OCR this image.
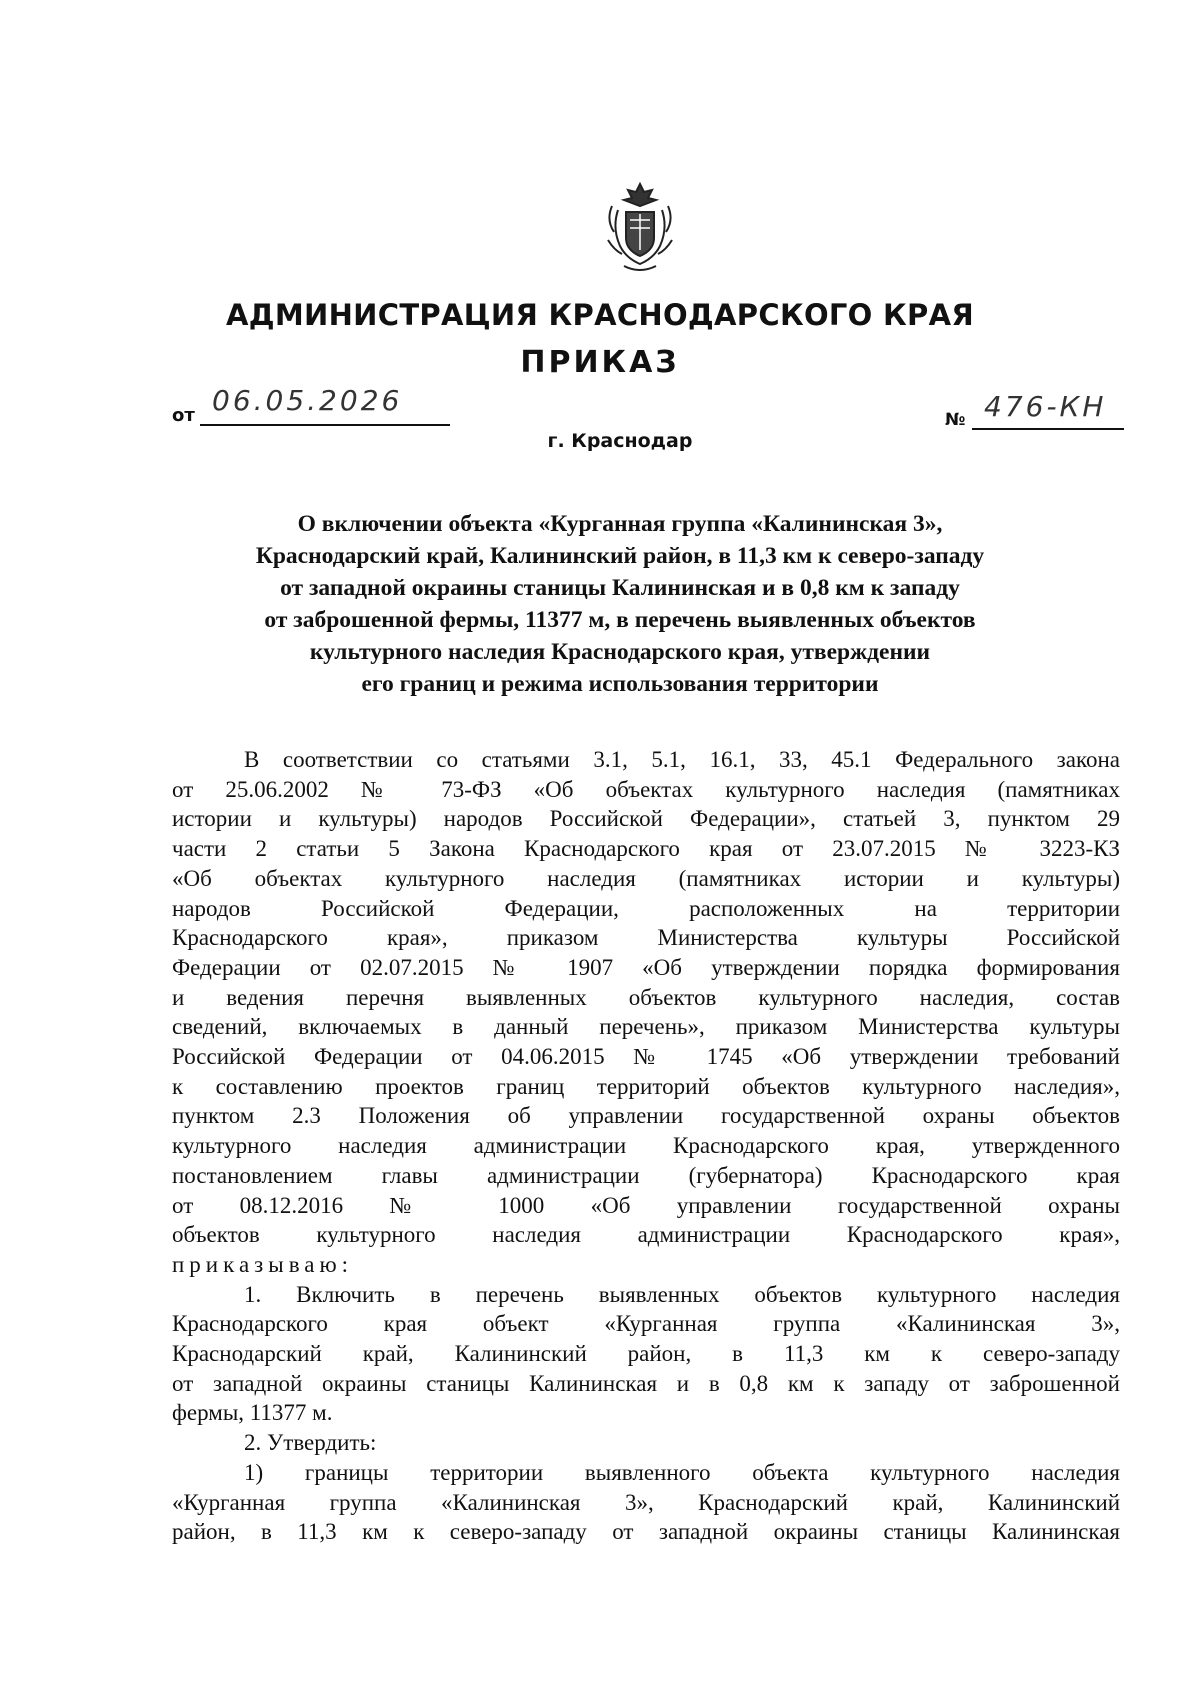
АДМИНИСТРАЦИЯ КРАСНОДАРСКОГО КРАЯ
ПРИКАЗ
от 06.05.2026
№ 476-КН
г. Краснодар
О включении объекта «Курганная группа «Калининская 3»,
Краснодарский край, Калининский район, в 11,3 км к северо-западу
от западной окраины станицы Калининская и в 0,8 км к западу
от заброшенной фермы, 11377 м, в перечень выявленных объектов
культурного наследия Краснодарского края, утверждении
его границ и режима использования территории
В соответствии со статьями 3.1, 5.1, 16.1, 33, 45.1 Федерального закона
от 25.06.2002 № 73-ФЗ «Об объектах культурного наследия (памятниках
истории и культуры) народов Российской Федерации», статьей 3, пунктом 29
части 2 статьи 5 Закона Краснодарского края от 23.07.2015 № 3223-КЗ
«Об объектах культурного наследия (памятниках истории и культуры)
народов Российской Федерации, расположенных на территории
Краснодарского края», приказом Министерства культуры Российской
Федерации от 02.07.2015 № 1907 «Об утверждении порядка формирования
и ведения перечня выявленных объектов культурного наследия, состав
сведений, включаемых в данный перечень», приказом Министерства культуры
Российской Федерации от 04.06.2015 № 1745 «Об утверждении требований
к составлению проектов границ территорий объектов культурного наследия»,
пунктом 2.3 Положения об управлении государственной охраны объектов
культурного наследия администрации Краснодарского края, утвержденного
постановлением главы администрации (губернатора) Краснодарского края
от 08.12.2016 № 1000 «Об управлении государственной охраны
объектов культурного наследия администрации Краснодарского края»,
приказываю:
1. Включить в перечень выявленных объектов культурного наследия
Краснодарского края объект «Курганная группа «Калининская 3»,
Краснодарский край, Калининский район, в 11,3 км к северо-западу
от западной окраины станицы Калининская и в 0,8 км к западу от заброшенной
фермы, 11377 м.
2. Утвердить:
1) границы территории выявленного объекта культурного наследия
«Курганная группа «Калининская 3», Краснодарский край, Калининский
район, в 11,3 км к северо-западу от западной окраины станицы Калининская
